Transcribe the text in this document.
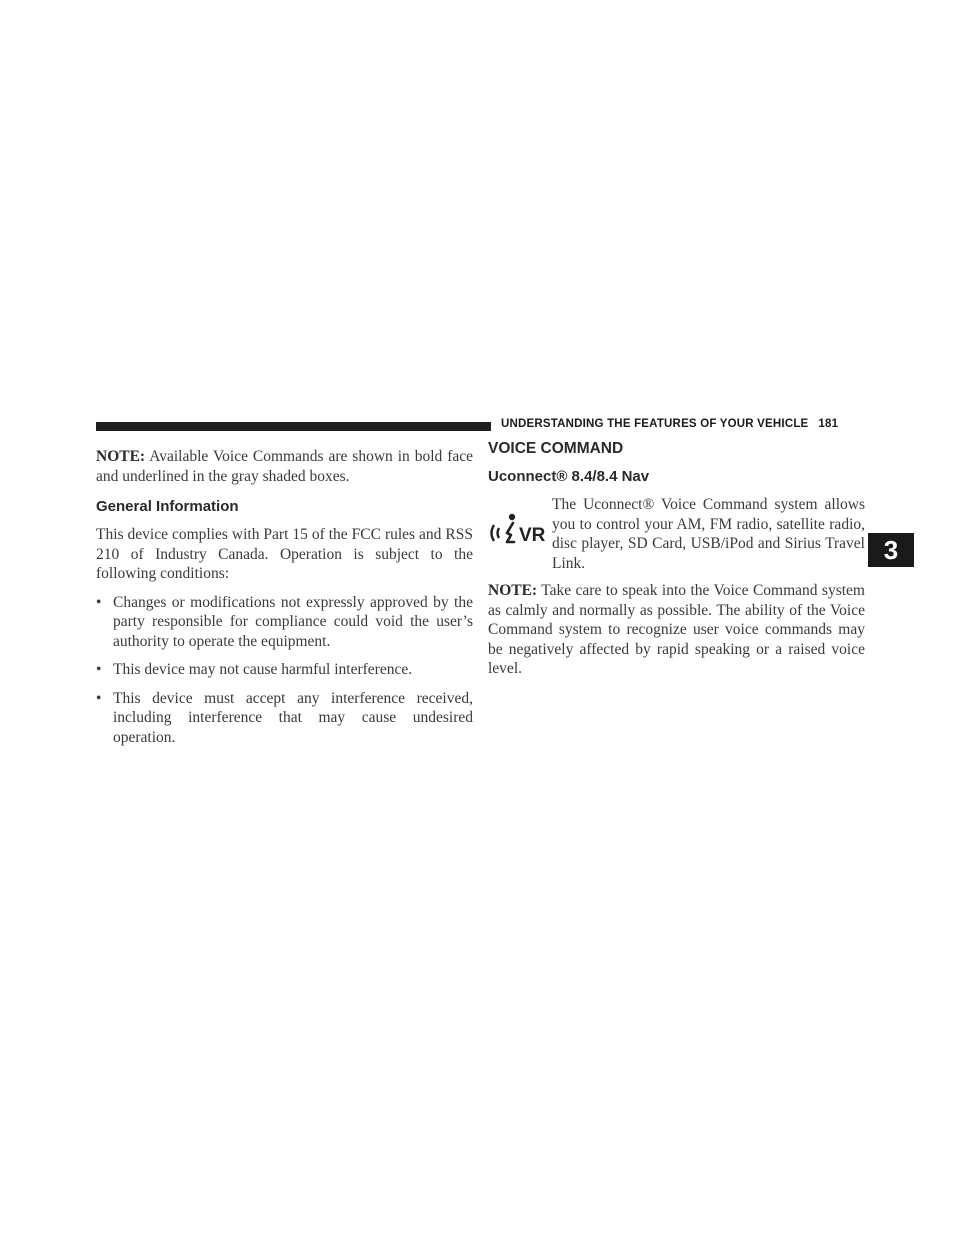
UNDERSTANDING THE FEATURES OF YOUR VEHICLE 181

NOTE: Available Voice Commands are shown in bold face and underlined in the gray shaded boxes.

General Information

This device complies with Part 15 of the FCC rules and RSS 210 of Industry Canada. Operation is subject to the following conditions:

• Changes or modifications not expressly approved by the party responsible for compliance could void the user’s authority to operate the equipment.
• This device may not cause harmful interference.
• This device must accept any interference received, including interference that may cause undesired operation.
VOICE COMMAND
Uconnect® 8.4/8.4 Nav
VR

The Uconnect® Voice Command system allows you to control your AM, FM radio, satellite radio, disc player, SD Card, USB/iPod and Sirius Travel Link.

NOTE: Take care to speak into the Voice Command system as calmly and normally as possible. The ability of the Voice Command system to recognize user voice commands may be negatively affected by rapid speaking or a raised voice level.

3
